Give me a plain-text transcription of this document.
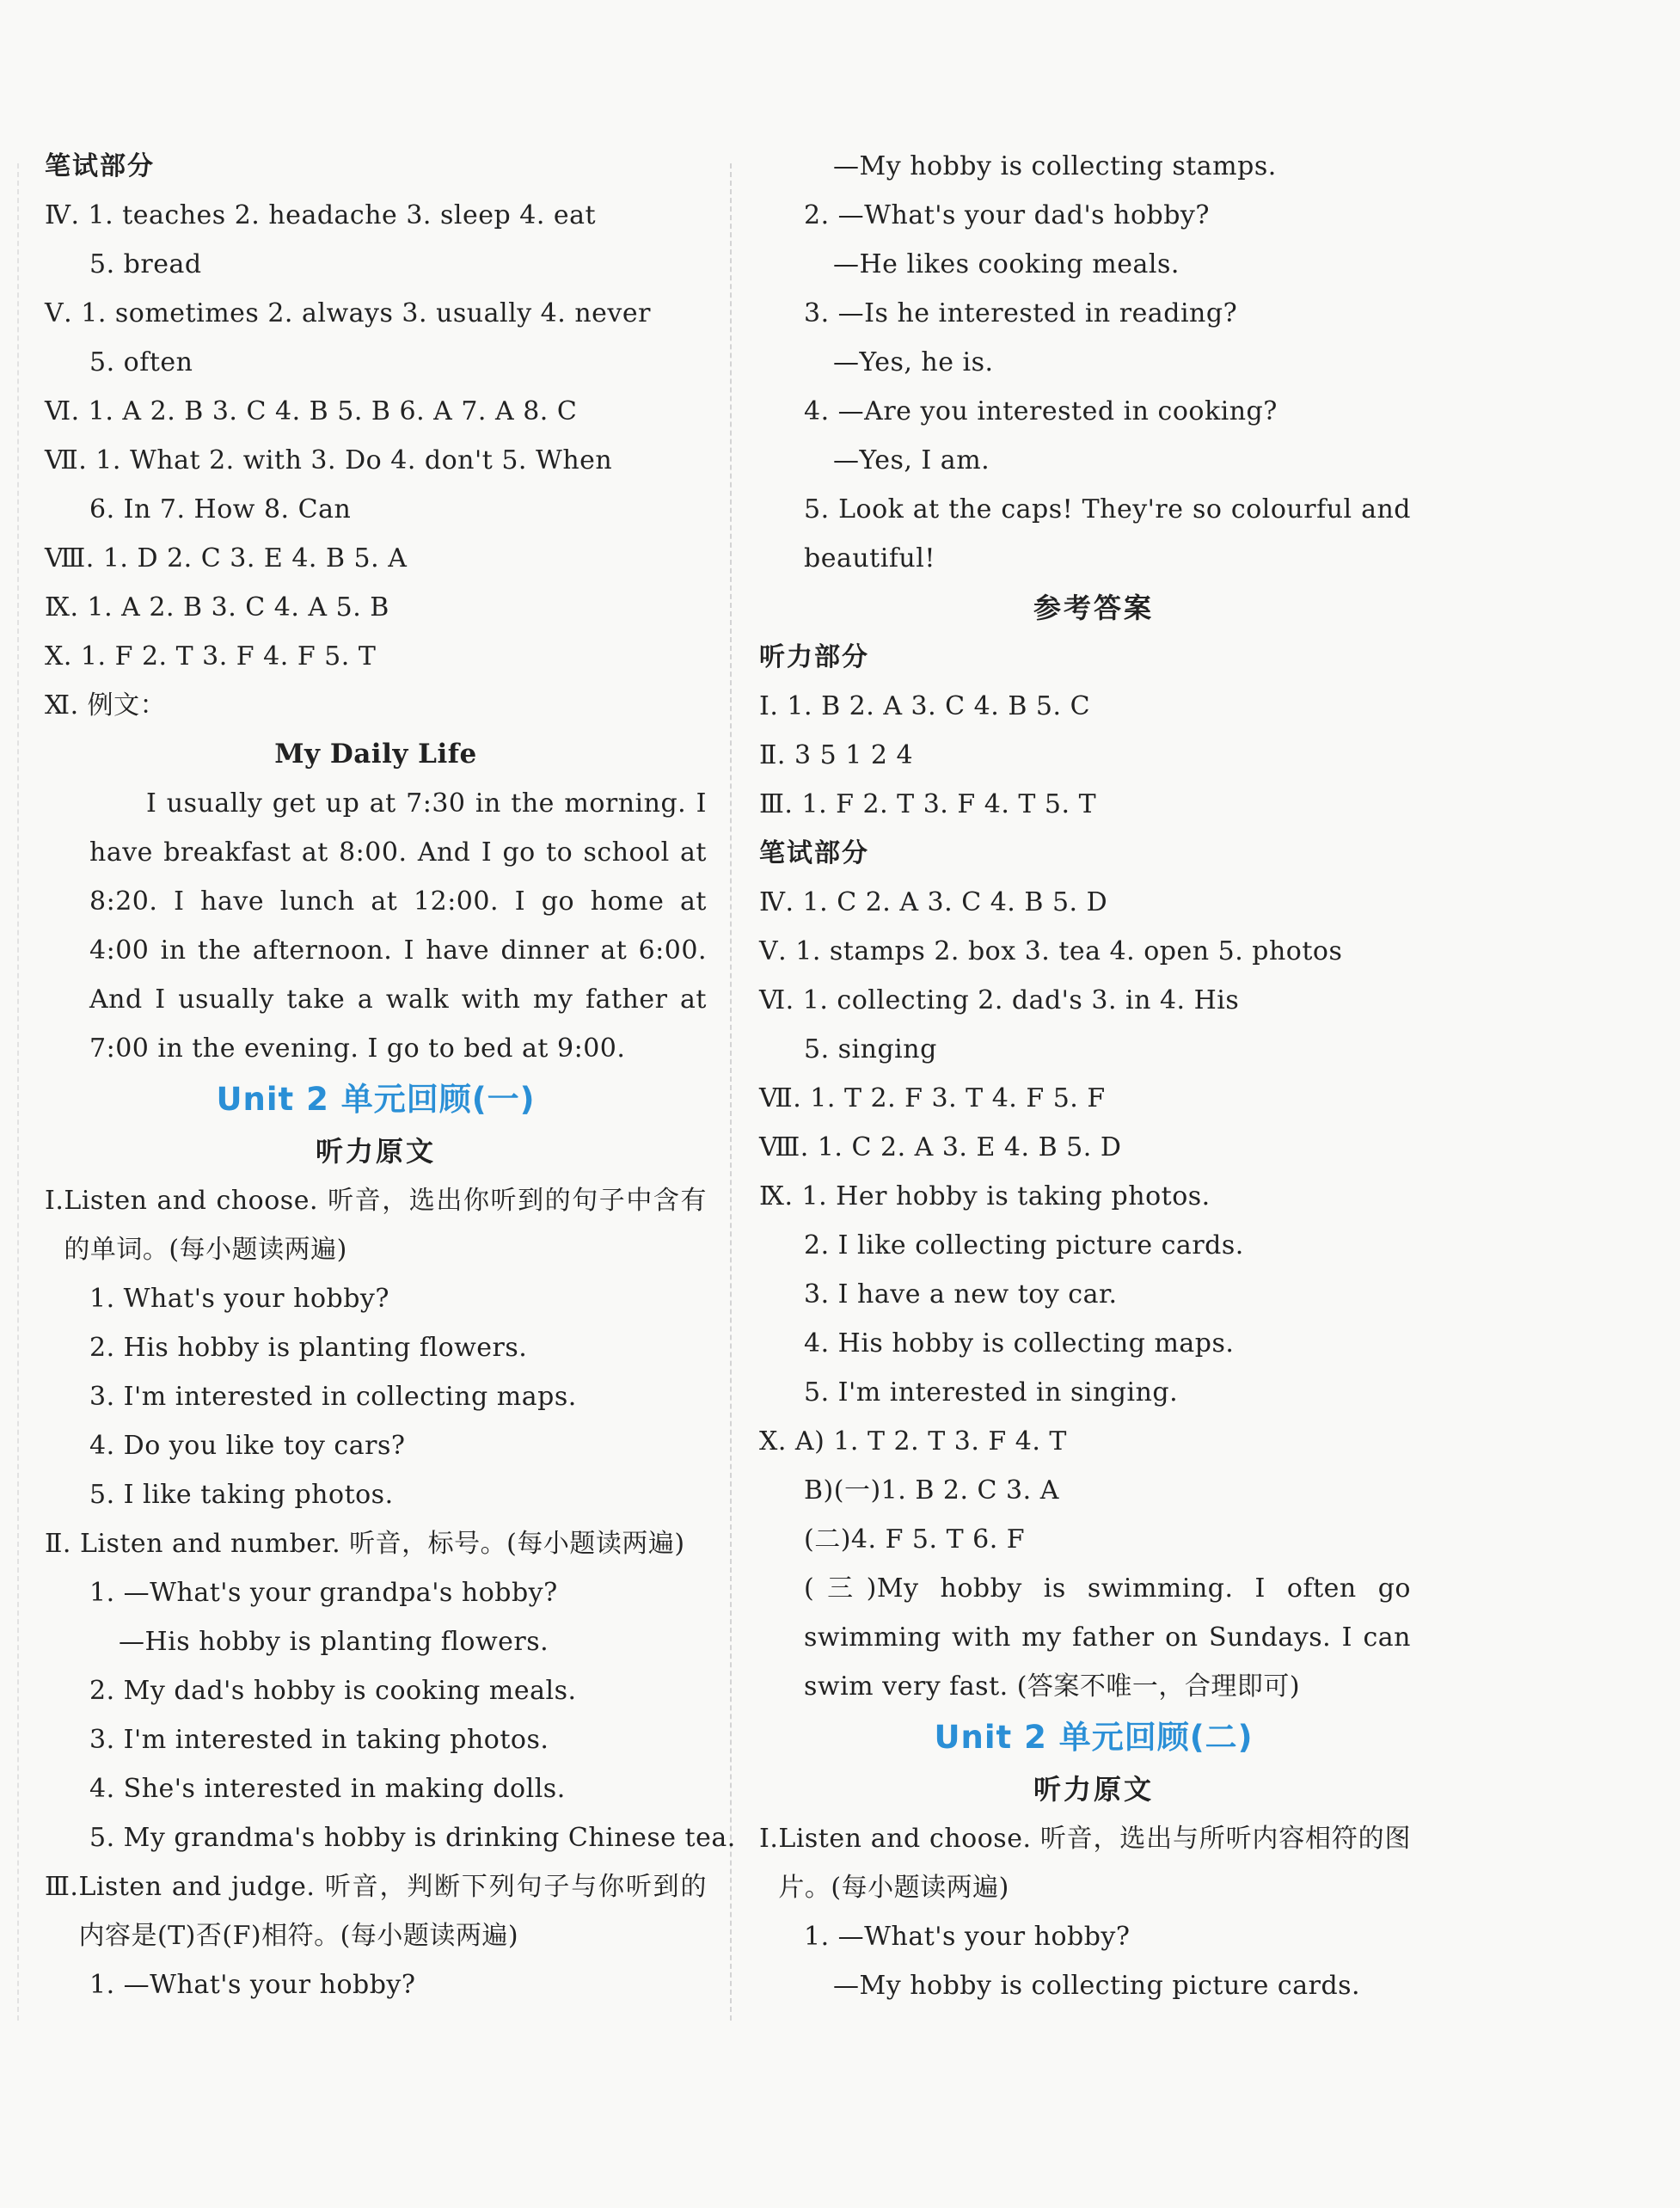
笔试部分
Ⅳ. 1. teaches 2. headache 3. sleep 4. eat
5. bread
Ⅴ. 1. sometimes 2. always 3. usually 4. never
5. often
Ⅵ. 1. A 2. B 3. C 4. B 5. B 6. A 7. A 8. C
Ⅶ. 1. What 2. with 3. Do 4. don't 5. When
6. In 7. How 8. Can
Ⅷ. 1. D 2. C 3. E 4. B 5. A
Ⅸ. 1. A 2. B 3. C 4. A 5. B
Ⅹ. 1. F 2. T 3. F 4. F 5. T
Ⅺ. 例文：
My Daily Life
I usually get up at 7:30 in the morning. I have breakfast at 8:00. And I go to school at 8:20. I have lunch at 12:00. I go home at 4:00 in the afternoon. I have dinner at 6:00. And I usually take a walk with my father at 7:00 in the evening. I go to bed at 9:00.
Unit 2 单元回顾(一)
听力原文
Ⅰ. Listen and choose. 听音，选出你听到的句子中含有的单词。(每小题读两遍)
1. What's your hobby?
2. His hobby is planting flowers.
3. I'm interested in collecting maps.
4. Do you like toy cars?
5. I like taking photos.
Ⅱ. Listen and number. 听音，标号。(每小题读两遍)
1. —What's your grandpa's hobby?
—His hobby is planting flowers.
2. My dad's hobby is cooking meals.
3. I'm interested in taking photos.
4. She's interested in making dolls.
5. My grandma's hobby is drinking Chinese tea.
Ⅲ. Listen and judge. 听音，判断下列句子与你听到的内容是(T)否(F)相符。(每小题读两遍)
1. —What's your hobby?
—My hobby is collecting stamps.
2. —What's your dad's hobby?
—He likes cooking meals.
3. —Is he interested in reading?
—Yes, he is.
4. —Are you interested in cooking?
—Yes, I am.
5. Look at the caps! They're so colourful and beautiful!
参考答案
听力部分
Ⅰ. 1. B 2. A 3. C 4. B 5. C
Ⅱ. 3 5 1 2 4
Ⅲ. 1. F 2. T 3. F 4. T 5. T
笔试部分
Ⅳ. 1. C 2. A 3. C 4. B 5. D
Ⅴ. 1. stamps 2. box 3. tea 4. open 5. photos
Ⅵ. 1. collecting 2. dad's 3. in 4. His
5. singing
Ⅶ. 1. T 2. F 3. T 4. F 5. F
Ⅷ. 1. C 2. A 3. E 4. B 5. D
Ⅸ. 1. Her hobby is taking photos.
2. I like collecting picture cards.
3. I have a new toy car.
4. His hobby is collecting maps.
5. I'm interested in singing.
Ⅹ. A) 1. T 2. T 3. F 4. T
B)(一)1. B 2. C 3. A
(二)4. F 5. T 6. F
(三)My hobby is swimming. I often go swimming with my father on Sundays. I can swim very fast. (答案不唯一，合理即可)
Unit 2 单元回顾(二)
听力原文
Ⅰ. Listen and choose. 听音，选出与所听内容相符的图片。(每小题读两遍)
1. —What's your hobby?
—My hobby is collecting picture cards.
